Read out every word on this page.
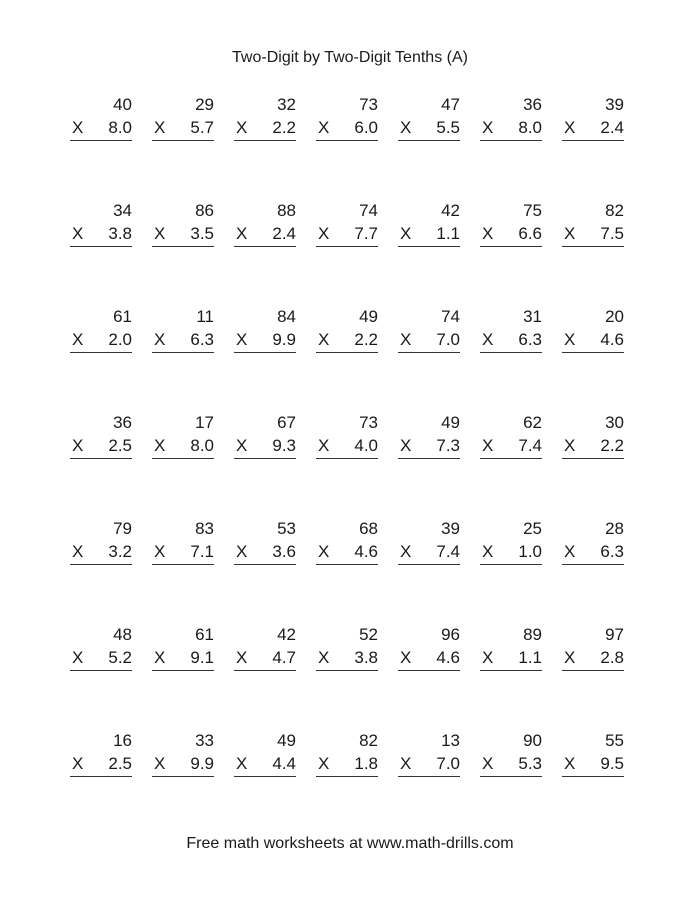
Two-Digit by Two-Digit Tenths (A)
40
X 8.0
29
X 5.7
32
X 2.2
73
X 6.0
47
X 5.5
36
X 8.0
39
X 2.4
34
X 3.8
86
X 3.5
88
X 2.4
74
X 7.7
42
X 1.1
75
X 6.6
82
X 7.5
61
X 2.0
11
X 6.3
84
X 9.9
49
X 2.2
74
X 7.0
31
X 6.3
20
X 4.6
36
X 2.5
17
X 8.0
67
X 9.3
73
X 4.0
49
X 7.3
62
X 7.4
30
X 2.2
79
X 3.2
83
X 7.1
53
X 3.6
68
X 4.6
39
X 7.4
25
X 1.0
28
X 6.3
48
X 5.2
61
X 9.1
42
X 4.7
52
X 3.8
96
X 4.6
89
X 1.1
97
X 2.8
16
X 2.5
33
X 9.9
49
X 4.4
82
X 1.8
13
X 7.0
90
X 5.3
55
X 9.5
Free math worksheets at www.math-drills.com
